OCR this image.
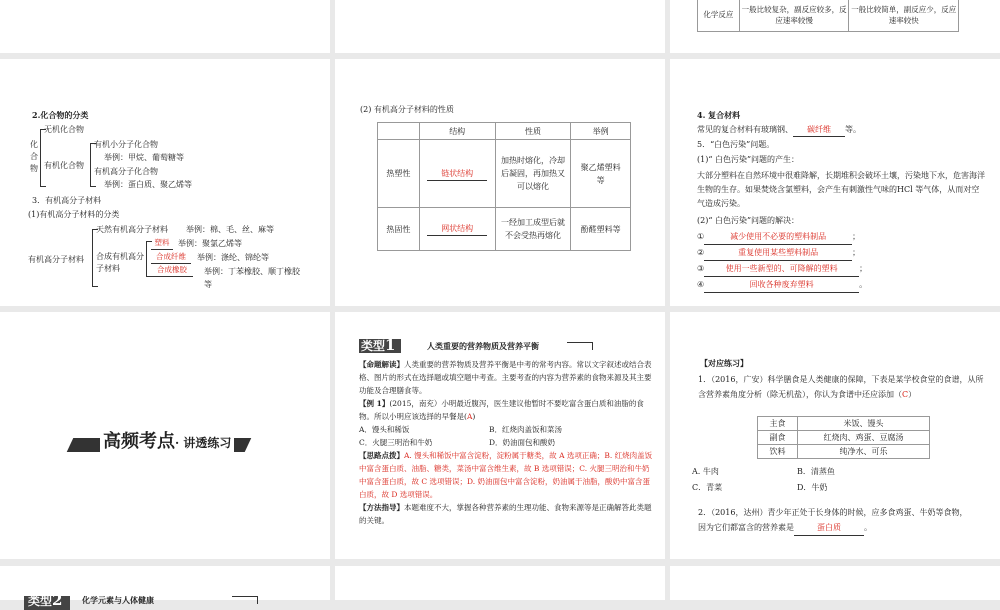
化学反应	一般比较复杂，副反应较多，反应速率较慢	一般比较简单，副反应少，反应速率较快
2.化合物的分类
化合物
无机化合物
有机化合物
有机小分子化合物
举例：甲烷、葡萄糖等
有机高分子化合物
举例：蛋白质、聚乙烯等
3．有机高分子材料
(1)有机高分子材料的分类
有机高分子材料
天然有机高分子材料 举例：棉、毛、丝、麻等
合成有机高分子材料
塑料	举例：聚氯乙烯等
合成纤维	举例：涤纶、锦纶等
合成橡胶	举例：丁苯橡胶、顺丁橡胶等
(2) 有机高分子材料的性质
	结构	性质	举例
热塑性	链状结构	加热时熔化，冷却后凝固，再加热又可以熔化	聚乙烯塑料等
热固性	网状结构	一经加工成型后就不会受热再熔化	酚醛塑料等
4. 复合材料
常见的复合材料有玻璃钢、 碳纤维 等。
5．“白色污染”问题。
(1)“ 白色污染”问题的产生：
大部分塑料在自然环境中很难降解，长期堆积会破坏土壤，污染地下水，危害海洋生物的生存。如果焚烧含氯塑料，会产生有刺激性气味的HCl 等气体，从而对空气造成污染。
(2)“ 白色污染”问题的解决：
①	减少使用不必要的塑料制品	；
②	重复使用某些塑料制品	；
③	使用一些新型的、可降解的塑料	；
④	回收各种废弃塑料	。
高频考点· 讲透练习
类型1	人类重要的营养物质及营养平衡
【命题解读】人类重要的营养物质及营养平衡是中考的常考内容。常以文字叙述或结合表格、图片的形式在选择题或填空题中考查。主要考查的内容为营养素的食物来源及其主要功能及合理膳食等。
【例 1】(2015，南充）小明最近腹泻，医生建议他暂时不要吃富含蛋白质和油脂的食物。所以小明应该选择的早餐是(A)
A．馒头和稀饭	B．红烧肉盖饭和菜汤
C．火腿三明治和牛奶	D．奶油面包和酸奶
【思路点拨】A. 馒头和稀饭中富含淀粉，淀粉属于糖类，故 A 选项正确；B. 红烧肉盖饭中富含蛋白质、油脂、糖类，菜汤中富含维生素，故 B 选项错误；C. 火腿三明治和牛奶中富含蛋白质，故 C 选项错误；D. 奶油面包中富含淀粉，奶油属于油脂，酸奶中富含蛋白质，故 D 选项错误。
【方法指导】本题难度不大，掌握各种营养素的生理功能、食物来源等是正确解答此类题的关键。
【对应练习】
1．（2016，广安）科学膳食是人类健康的保障，下表是某学校食堂的食谱，从所含营养素角度分析（除无机盐），你认为食谱中还应添加（C）
主食	米饭、馒头
副食	红烧肉、鸡蛋、豆腐汤
饮料	纯净水、可乐
A. 牛肉	B．清蒸鱼
C．青菜	D．牛奶
2．（2016，达州）青少年正处于长身体的时候，应多食鸡蛋、牛奶等食物，因为它们都富含的营养素是	蛋白质	。
类型2 化学元素与人体健康
